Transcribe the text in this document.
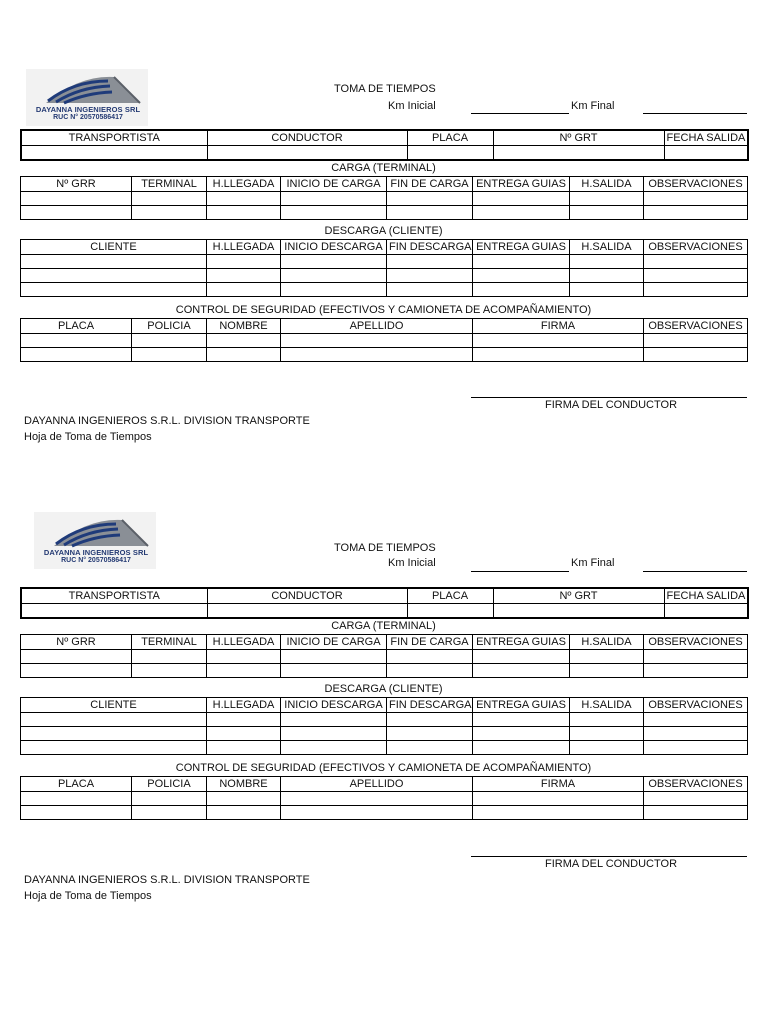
DAYANNA INGENIEROS SRL
RUC N° 20570586417
TOMA DE TIEMPOS
Km Inicial	Km Final
TRANSPORTISTA	CONDUCTOR	PLACA	Nº GRT	FECHA SALIDA

CARGA (TERMINAL)
Nº GRR	TERMINAL	H.LLEGADA	INICIO DE CARGA	FIN DE CARGA	ENTREGA GUIAS	H.SALIDA	OBSERVACIONES

DESCARGA (CLIENTE)
CLIENTE	H.LLEGADA	INICIO DESCARGA	FIN DESCARGA	ENTREGA GUIAS	H.SALIDA	OBSERVACIONES

CONTROL DE SEGURIDAD (EFECTIVOS Y CAMIONETA DE ACOMPAÑAMIENTO)
PLACA	POLICIA	NOMBRE	APELLIDO	FIRMA	OBSERVACIONES

FIRMA DEL CONDUCTOR
DAYANNA INGENIEROS S.R.L. DIVISION TRANSPORTE
Hoja de Toma de Tiempos
DAYANNA INGENIEROS SRL
RUC N° 20570586417
TOMA DE TIEMPOS
Km Inicial	Km Final
TRANSPORTISTA	CONDUCTOR	PLACA	Nº GRT	FECHA SALIDA

CARGA (TERMINAL)
Nº GRR	TERMINAL	H.LLEGADA	INICIO DE CARGA	FIN DE CARGA	ENTREGA GUIAS	H.SALIDA	OBSERVACIONES

DESCARGA (CLIENTE)
CLIENTE	H.LLEGADA	INICIO DESCARGA	FIN DESCARGA	ENTREGA GUIAS	H.SALIDA	OBSERVACIONES

CONTROL DE SEGURIDAD (EFECTIVOS Y CAMIONETA DE ACOMPAÑAMIENTO)
PLACA	POLICIA	NOMBRE	APELLIDO	FIRMA	OBSERVACIONES

FIRMA DEL CONDUCTOR
DAYANNA INGENIEROS S.R.L. DIVISION TRANSPORTE
Hoja de Toma de Tiempos
